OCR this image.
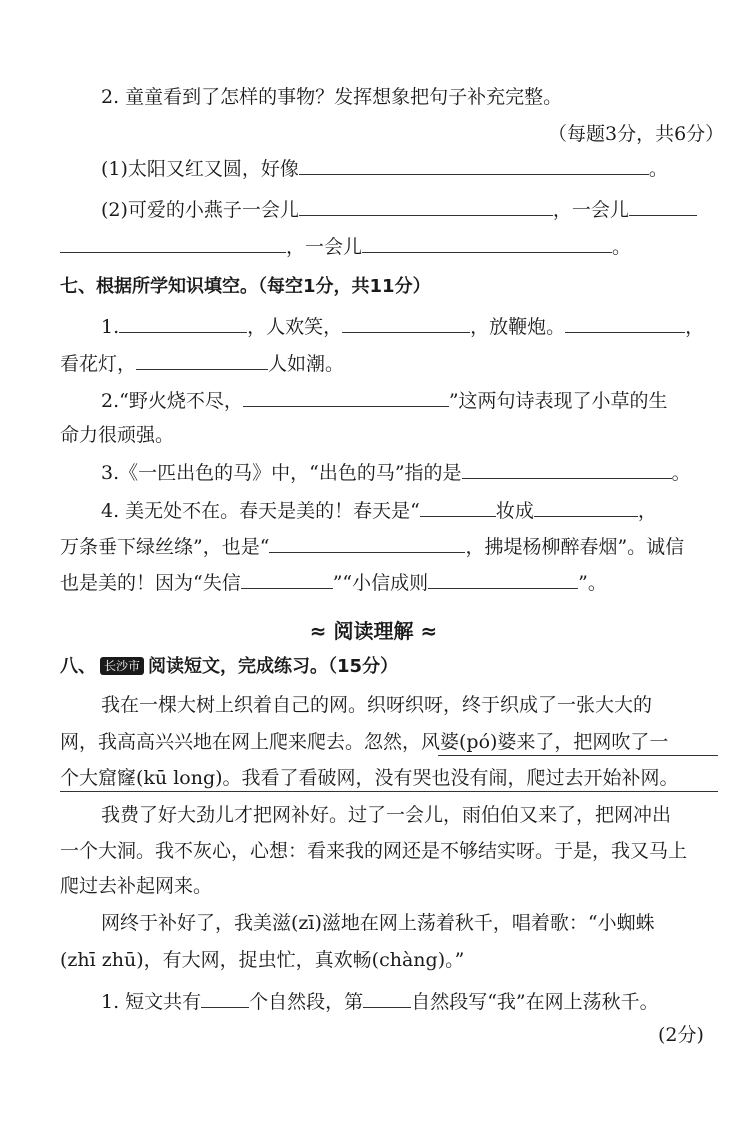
2. 童童看到了怎样的事物？发挥想象把句子补充完整。
（每题3分，共6分）
(1)太阳又红又圆，好像	。
(2)可爱的小燕子一会儿	，一会儿
，一会儿	。
七、根据所学知识填空。（每空1分，共11分）
1.	，人欢笑，	，放鞭炮。	，
看花灯，	人如潮。
2.“野火烧不尽，	”这两句诗表现了小草的生
命力很顽强。
3.《一匹出色的马》中，“出色的马”指的是	。
4. 美无处不在。春天是美的！春天是“	妆成	，
万条垂下绿丝绦”，也是“	，拂堤杨柳醉春烟”。诚信
也是美的！因为“失信	”“小信成则	”。
≈ 阅读理解 ≈
八、 长沙市 阅读短文，完成练习。（15分）
我在一棵大树上织着自己的网。织呀织呀，终于织成了一张大大的
网，我高高兴兴地在网上爬来爬去。忽然，风婆(pó)婆来了，把网吹了一
个大窟窿(kū long)。我看了看破网，没有哭也没有闹，爬过去开始补网。
我费了好大劲儿才把网补好。过了一会儿，雨伯伯又来了，把网冲出
一个大洞。我不灰心，心想：看来我的网还是不够结实呀。于是，我又马上
爬过去补起网来。
网终于补好了，我美滋(zī)滋地在网上荡着秋千，唱着歌：“小蜘蛛
(zhī zhū)，有大网，捉虫忙，真欢畅(chàng)。”
1. 短文共有	个自然段，第	自然段写“我”在网上荡秋千。
(2分)
